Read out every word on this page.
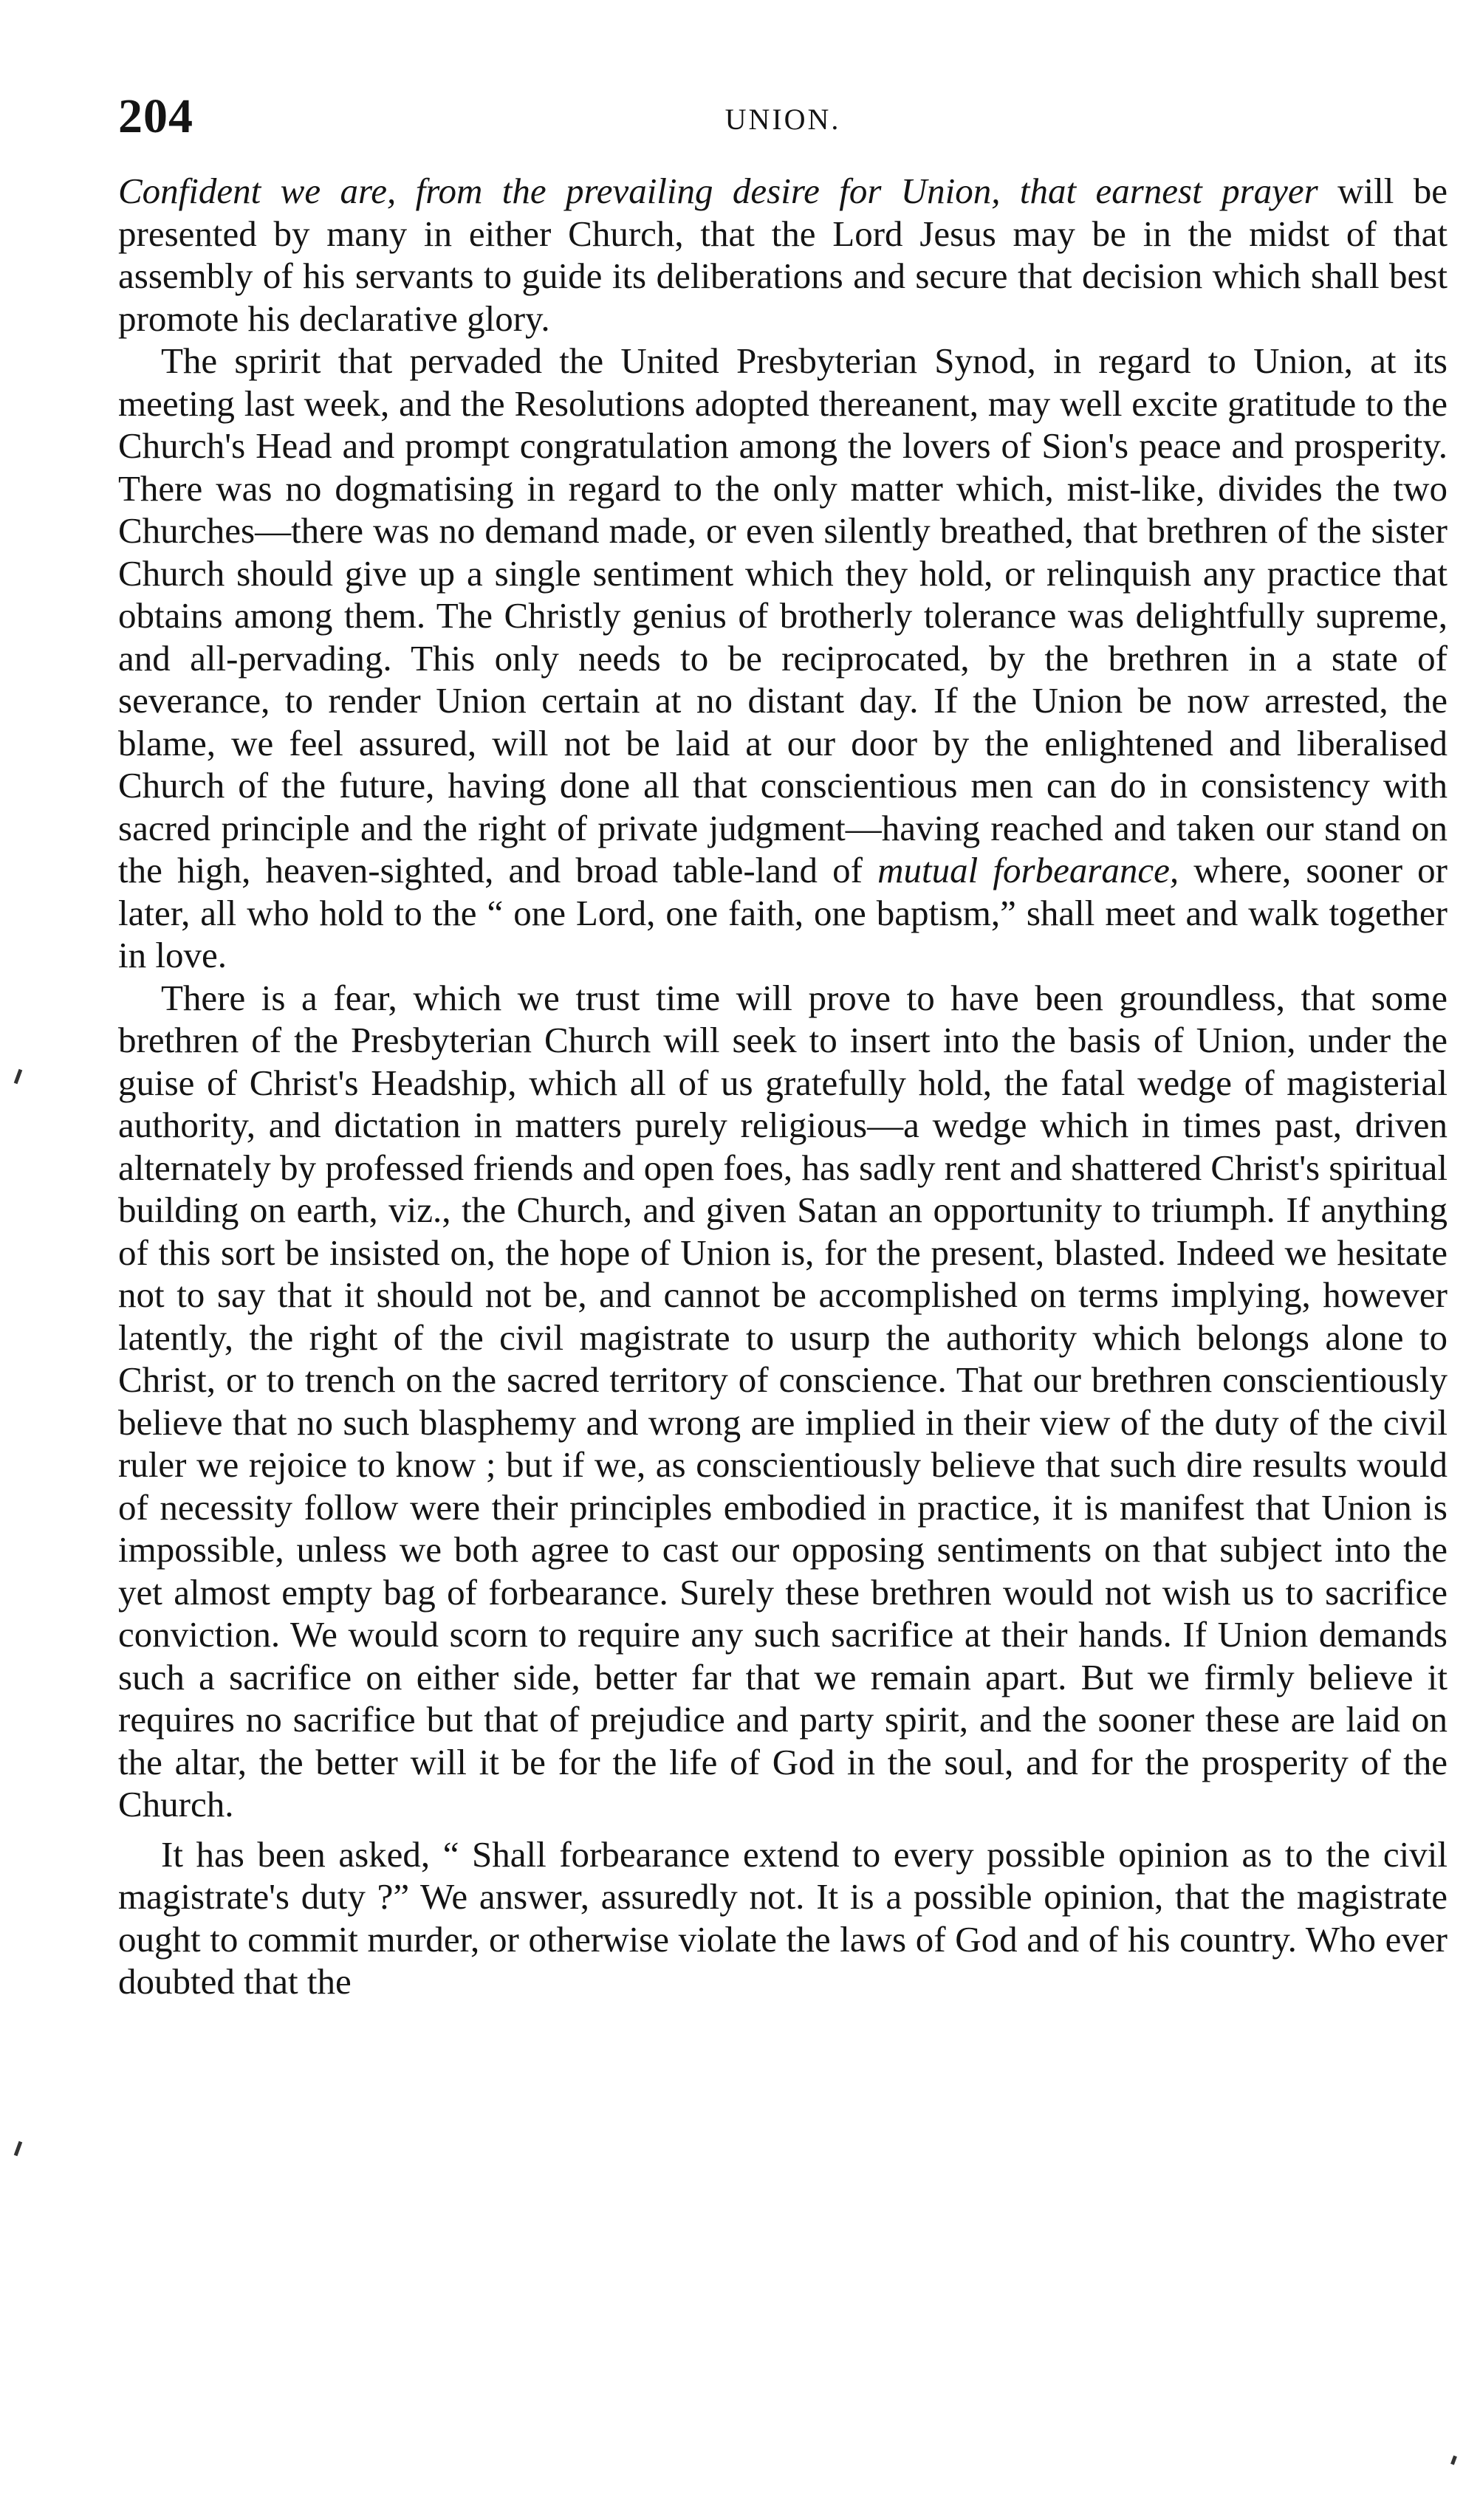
204	UNION.

Confident we are, from the prevailing desire for Union, that earnest prayer will be presented by many in either Church, that the Lord Jesus may be in the midst of that assembly of his servants to guide its deliberations and secure that decision which shall best promote his declarative glory.

The spririt that pervaded the United Presbyterian Synod, in regard to Union, at its meeting last week, and the Resolutions adopted thereanent, may well excite gratitude to the Church's Head and prompt congratulation among the lovers of Sion's peace and prosperity. There was no dogmatising in regard to the only matter which, mist-like, divides the two Churches—there was no demand made, or even silently breathed, that brethren of the sister Church should give up a single sentiment which they hold, or relinquish any practice that obtains among them. The Christly genius of brotherly tolerance was delightfully supreme, and all-pervading. This only needs to be reciprocated, by the brethren in a state of severance, to render Union certain at no distant day. If the Union be now arrested, the blame, we feel assured, will not be laid at our door by the enlightened and liberalised Church of the future, having done all that conscientious men can do in consistency with sacred principle and the right of private judgment—having reached and taken our stand on the high, heaven-sighted, and broad table-land of mutual forbearance, where, sooner or later, all who hold to the “ one Lord, one faith, one baptism,” shall meet and walk together in love.

There is a fear, which we trust time will prove to have been groundless, that some brethren of the Presbyterian Church will seek to insert into the basis of Union, under the guise of Christ's Headship, which all of us gratefully hold, the fatal wedge of magisterial authority, and dictation in matters purely religious—a wedge which in times past, driven alternately by professed friends and open foes, has sadly rent and shattered Christ's spiritual building on earth, viz., the Church, and given Satan an opportunity to triumph. If anything of this sort be insisted on, the hope of Union is, for the present, blasted. Indeed we hesitate not to say that it should not be, and cannot be accomplished on terms implying, however latently, the right of the civil magistrate to usurp the authority which belongs alone to Christ, or to trench on the sacred territory of conscience. That our brethren conscientiously believe that no such blasphemy and wrong are implied in their view of the duty of the civil ruler we rejoice to know ; but if we, as conscientiously believe that such dire results would of necessity follow were their principles embodied in practice, it is manifest that Union is impossible, unless we both agree to cast our opposing sentiments on that subject into the yet almost empty bag of forbearance. Surely these brethren would not wish us to sacrifice conviction. We would scorn to require any such sacrifice at their hands. If Union demands such a sacrifice on either side, better far that we remain apart. But we firmly believe it requires no sacrifice but that of prejudice and party spirit, and the sooner these are laid on the altar, the better will it be for the life of God in the soul, and for the prosperity of the Church.

It has been asked, “ Shall forbearance extend to every possible opinion as to the civil magistrate's duty ?” We answer, assuredly not. It is a possible opinion, that the magistrate ought to commit murder, or otherwise violate the laws of God and of his country. Who ever doubted that the
